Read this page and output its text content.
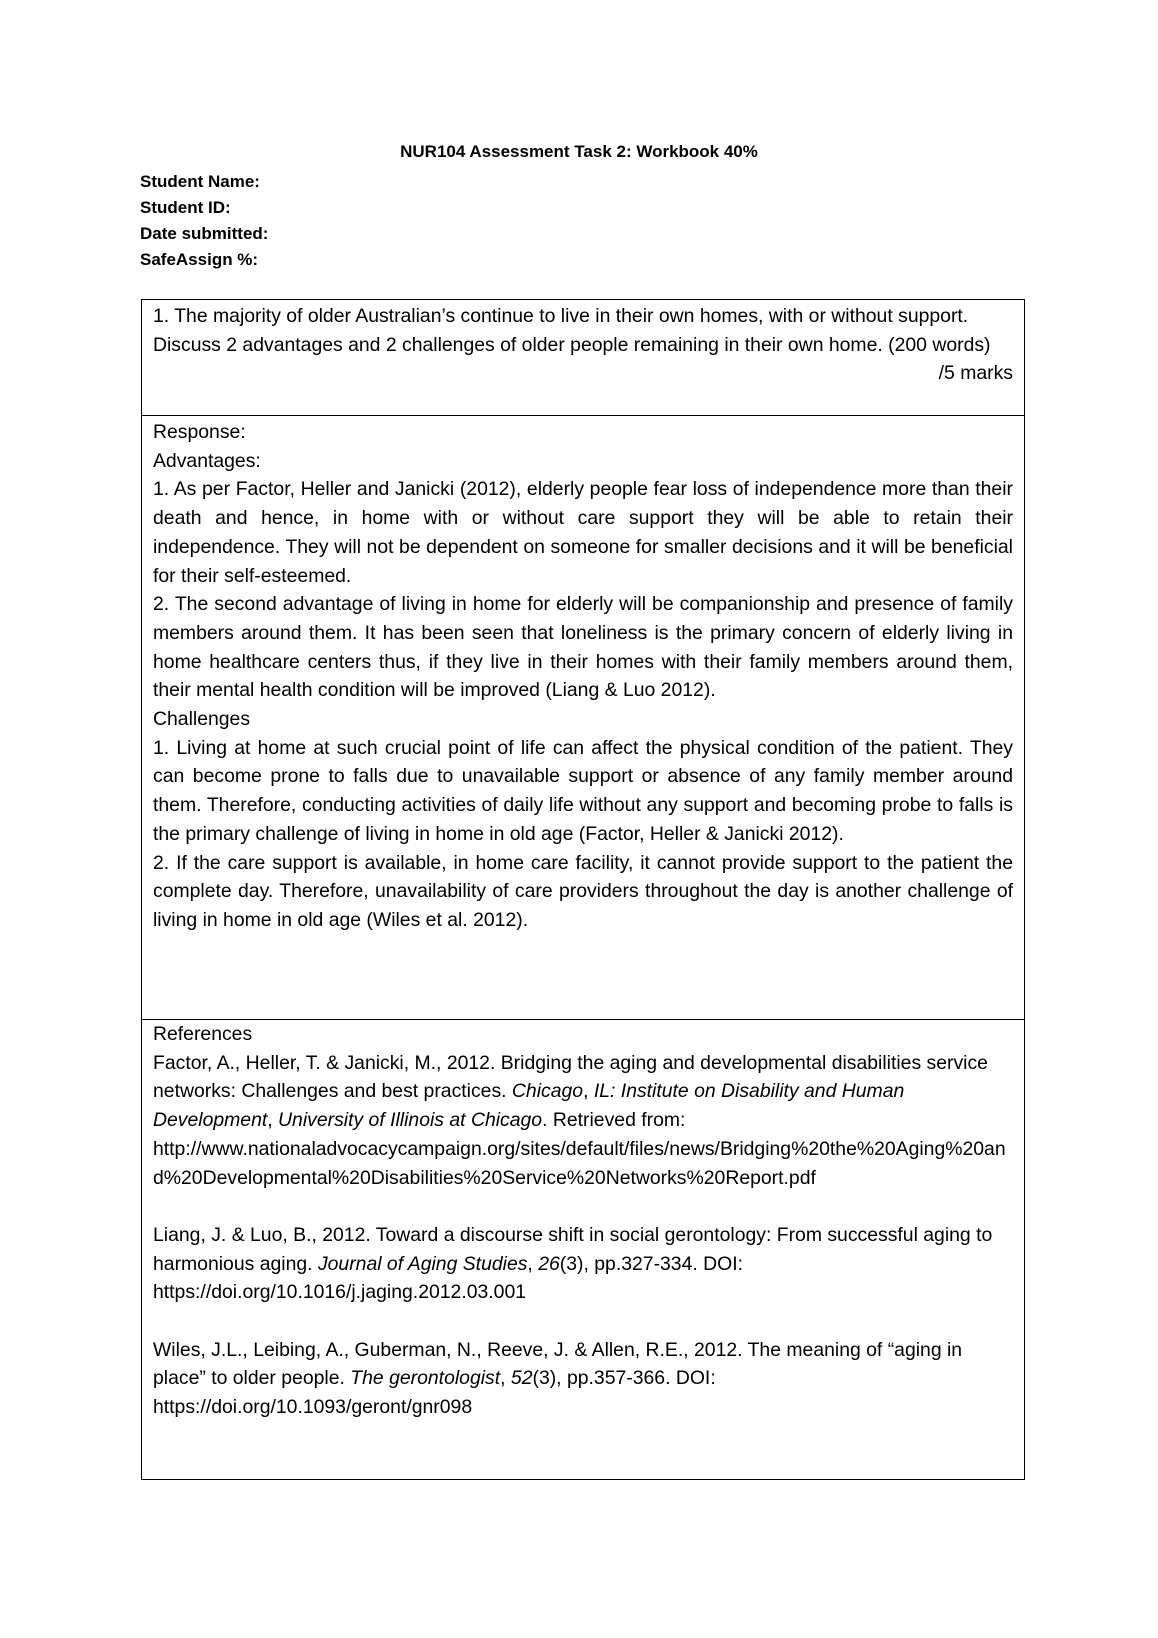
NUR104 Assessment Task 2: Workbook 40%
Student Name:
Student ID:
Date submitted:
SafeAssign %:

1. The majority of older Australian’s continue to live in their own homes, with or without support. Discuss 2 advantages and 2 challenges of older people remaining in their own home. (200 words)

/5 marks
Response:
Advantages:

1. As per Factor, Heller and Janicki (2012), elderly people fear loss of independence more than their death and hence, in home with or without care support they will be able to retain their independence. They will not be dependent on someone for smaller decisions and it will be beneficial for their self-esteemed.

2. The second advantage of living in home for elderly will be companionship and presence of family members around them. It has been seen that loneliness is the primary concern of elderly living in home healthcare centers thus, if they live in their homes with their family members around them, their mental health condition will be improved (Liang & Luo 2012).

Challenges

1. Living at home at such crucial point of life can affect the physical condition of the patient. They can become prone to falls due to unavailable support or absence of any family member around them. Therefore, conducting activities of daily life without any support and becoming probe to falls is the primary challenge of living in home in old age (Factor, Heller & Janicki 2012).

2. If the care support is available, in home care facility, it cannot provide support to the patient the complete day. Therefore, unavailability of care providers throughout the day is another challenge of living in home in old age (Wiles et al. 2012).

References

Factor, A., Heller, T. & Janicki, M., 2012. Bridging the aging and developmental disabilities service networks: Challenges and best practices. Chicago, IL: Institute on Disability and Human Development, University of Illinois at Chicago. Retrieved from:

http://www.nationaladvocacycampaign.org/sites/default/files/news/Bridging%20the%20Aging%20and%20Developmental%20Disabilities%20Service%20Networks%20Report.pdf

Liang, J. & Luo, B., 2012. Toward a discourse shift in social gerontology: From successful aging to harmonious aging. Journal of Aging Studies, 26(3), pp.327-334. DOI:

https://doi.org/10.1016/j.jaging.2012.03.001

Wiles, J.L., Leibing, A., Guberman, N., Reeve, J. & Allen, R.E., 2012. The meaning of “aging in place” to older people. The gerontologist, 52(3), pp.357-366. DOI:

https://doi.org/10.1093/geront/gnr098
